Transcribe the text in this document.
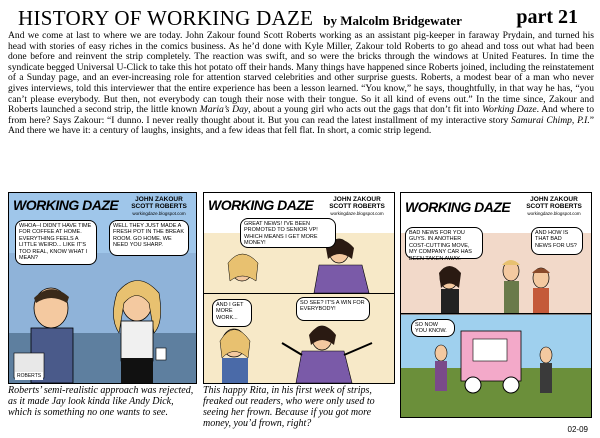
HISTORY OF WORKING DAZE by Malcolm Bridgewater	part 21
And we come at last to where we are today. John Zakour found Scott Roberts working as an assistant pig-keeper in faraway Prydain, and turned his head with stories of easy riches in the comics business. As he’d done with Kyle Miller, Zakour told Roberts to go ahead and toss out what had been done before and reinvent the strip completely. The reaction was swift, and so were the bricks through the windows at United Features. In time the syndicate begged Universal U-Click to take this hot potato off their hands. Many things have happened since Roberts joined, including the reinstatement of a Sunday page, and an ever-increasing role for attention starved celebrities and other surprise guests. Roberts, a modest bear of a man who never gives interviews, told this interviewer that the entire experience has been a lesson learned. “You know,” he says, thoughtfully, in that way he has, “you can’t please everybody. But then, not everybody can tough their nose with their tongue. So it all kind of evens out.” In the time since, Zakour and Roberts launched a second strip, the little known Maria’s Day, about a young girl who acts out the gags that don’t fit into Working Daze. And where to from here? Says Zakour: “I dunno. I never really thought about it. But you can read the latest installment of my interactive story Samurai Chimp, P.I.” And there we have it: a century of laughs, insights, and a few ideas that fell flat. In short, a comic strip legend.
WORKING DAZE	JOHN ZAKOUR
SCOTT ROBERTS
workingdaze.blogspot.com
WHOA--I DIDN'T HAVE TIME FOR COFFEE AT HOME. EVERYTHING FEELS A LITTLE WEIRD... LIKE IT'S TOO REAL, KNOW WHAT I MEAN?
WELL THEY JUST MADE A FRESH POT IN THE BREAK ROOM. GO HOME. WE NEED YOU SHARP.
ROBERTS
Roberts’ semi-realistic approach was rejected, as it made Jay look kinda like Andy Dick, which is something no one wants to see.
WORKING DAZE	JOHN ZAKOUR
SCOTT ROBERTS
workingdaze.blogspot.com
GREAT NEWS! I'VE BEEN PROMOTED TO SENIOR VP! WHICH MEANS I GET MORE MONEY!
AND I GET MORE WORK...
SO SEE? IT'S A WIN FOR EVERYBODY!
This happy Rita, in his first week of strips, freaked out readers, who were only used to seeing her frown. Because if you got more money, you’d frown, right?
WORKING DAZE	JOHN ZAKOUR
SCOTT ROBERTS
workingdaze.blogspot.com
BAD NEWS FOR YOU GUYS. IN ANOTHER COST-CUTTING MOVE, MY COMPANY CAR HAS BEEN TAKEN AWAY.
AND HOW IS THAT BAD NEWS FOR US?
SO NOW YOU KNOW.
02-09
